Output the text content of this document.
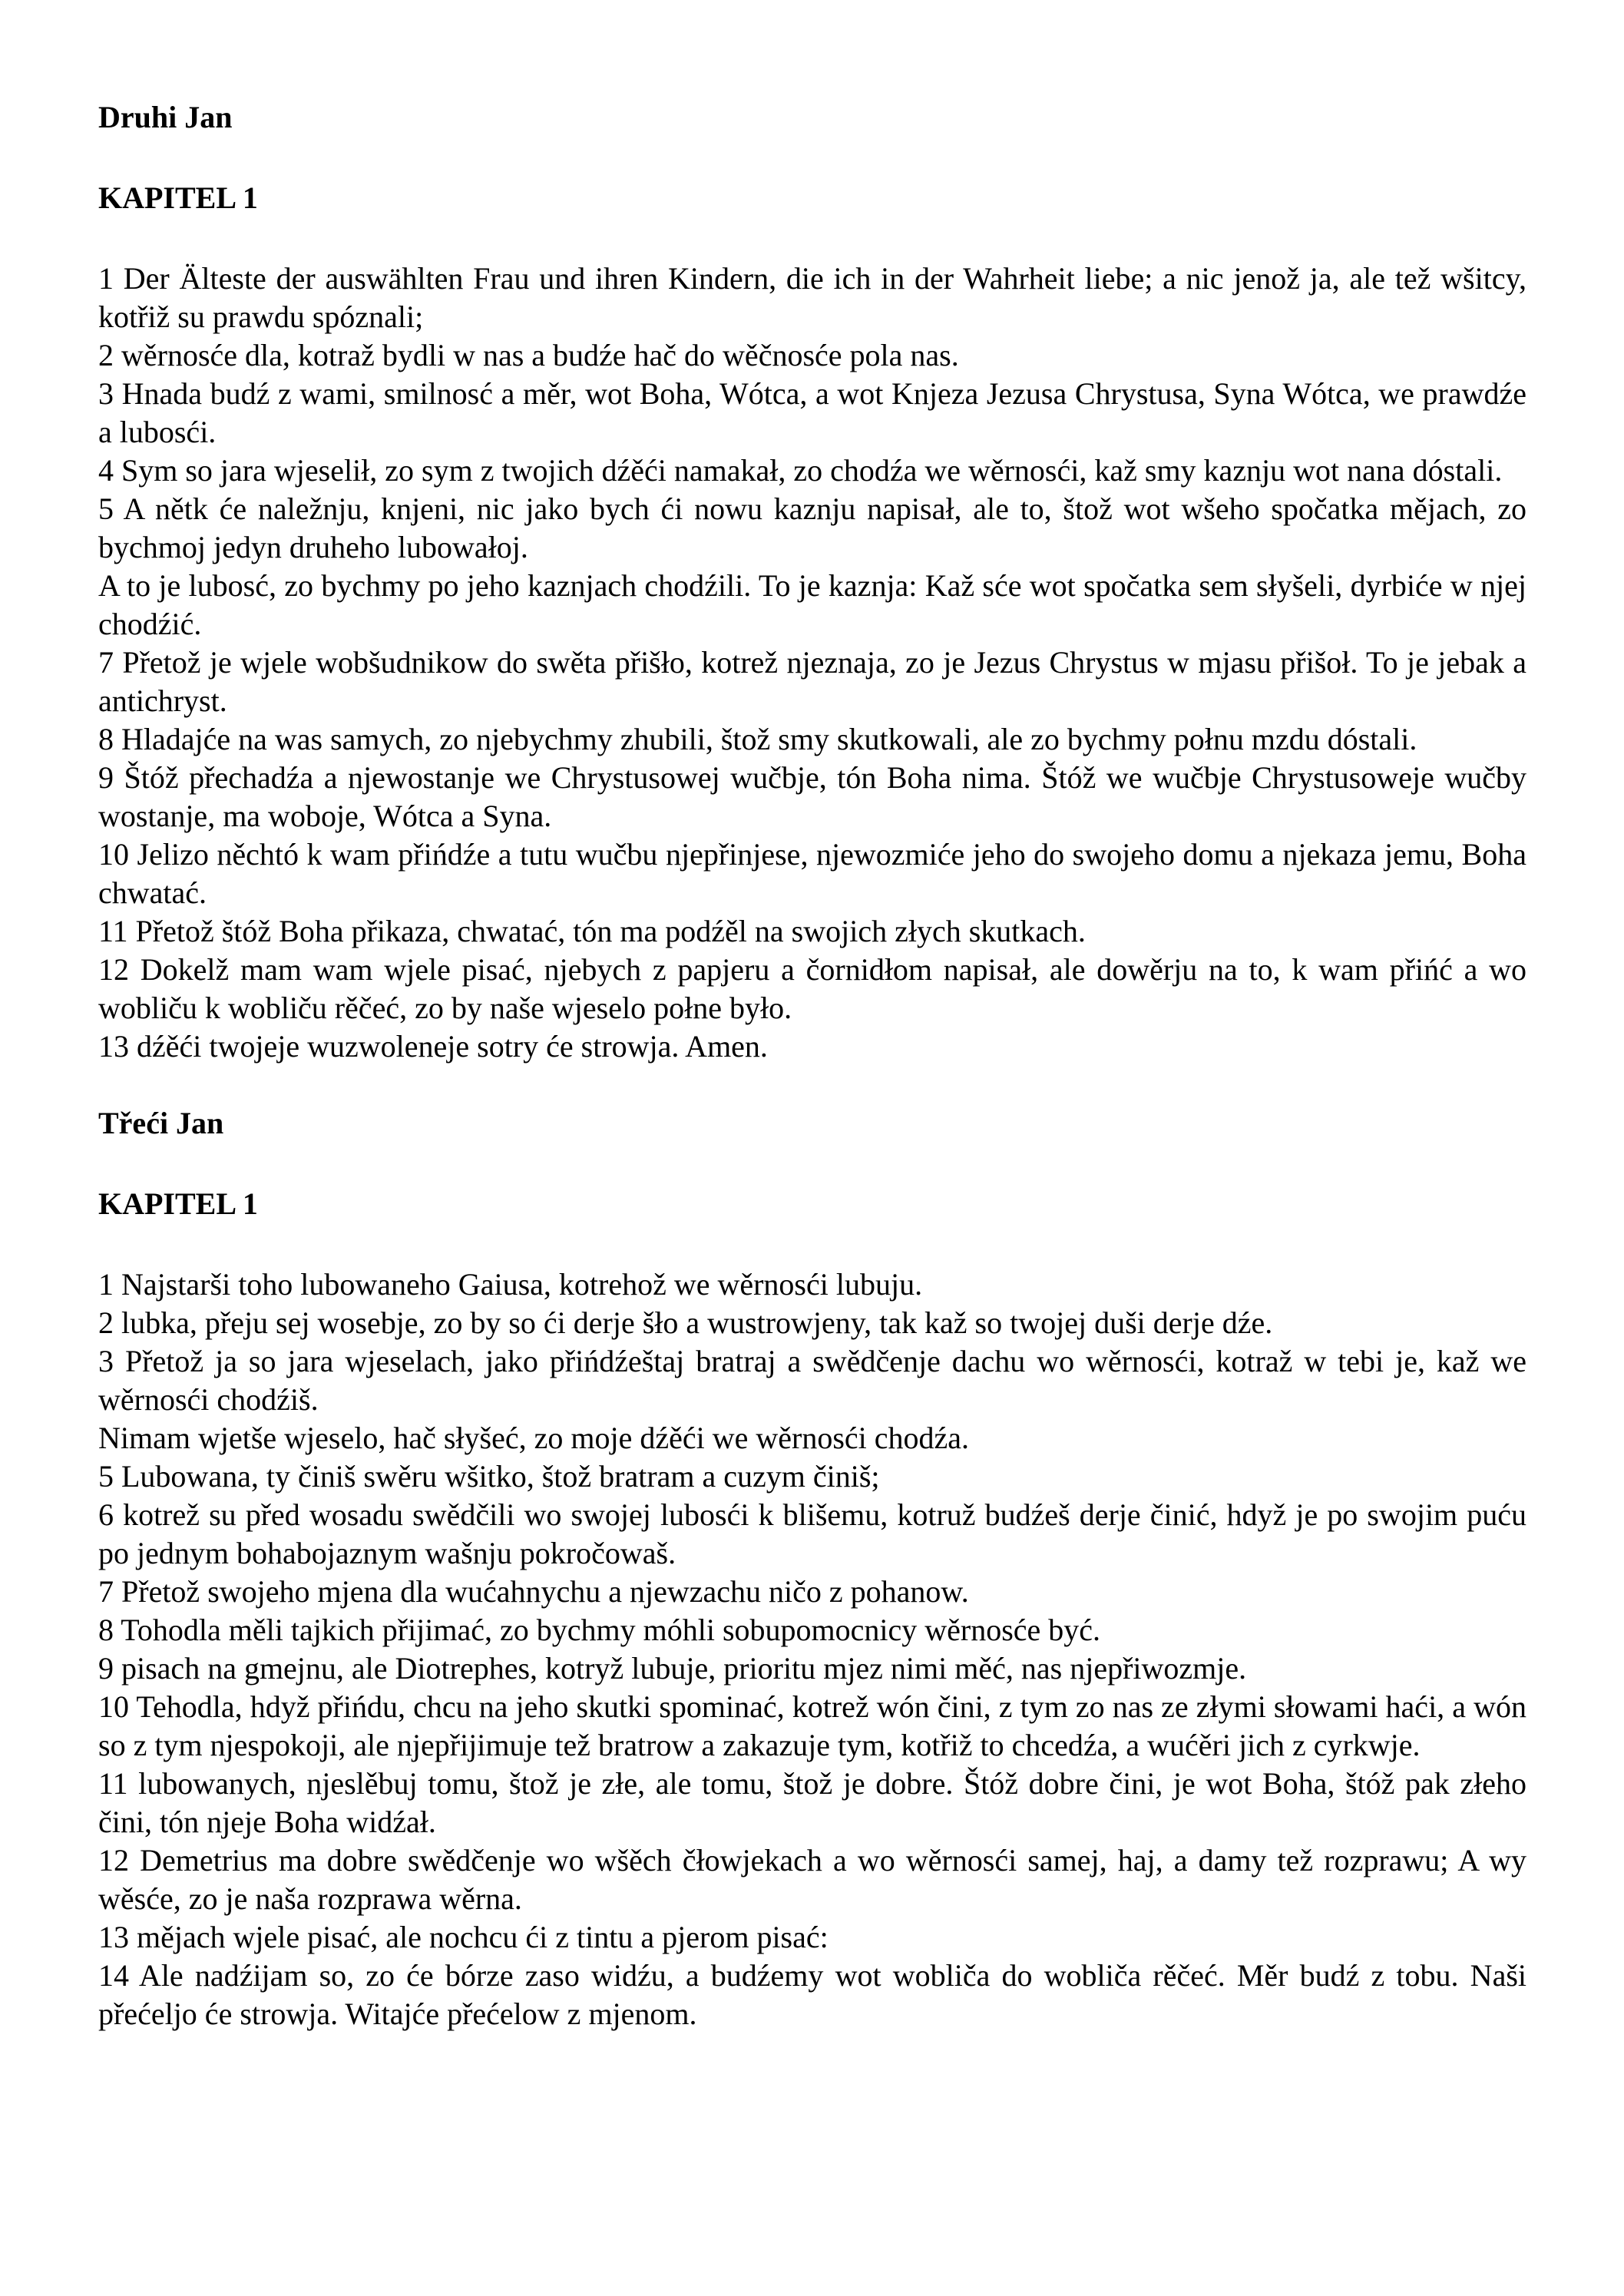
Druhi Jan
KAPITEL 1

1 Der Älteste der auswählten Frau und ihren Kindern, die ich in der Wahrheit liebe; a nic jenož ja, ale tež wšitcy, kotřiž su prawdu spóznali;

2 wěrnosće dla, kotraž bydli w nas a budźe hač do wěčnosće pola nas.

3 Hnada budź z wami, smilnosć a měr, wot Boha, Wótca, a wot Knjeza Jezusa Chrystusa, Syna Wótca, we prawdźe a lubosći.

4 Sym so jara wjeselił, zo sym z twojich dźěći namakał, zo chodźa we wěrnosći, kaž smy kaznju wot nana dóstali.

5 A nětk će naležnju, knjeni, nic jako bych ći nowu kaznju napisał, ale to, štož wot wšeho spočatka mějach, zo bychmoj jedyn druheho lubowałoj.

A to je lubosć, zo bychmy po jeho kaznjach chodźili. To je kaznja: Kaž sće wot spočatka sem słyšeli, dyrbiće w njej chodźić.

7 Přetož je wjele wobšudnikow do swěta přišło, kotrež njeznaja, zo je Jezus Chrystus w mjasu přišoł. To je jebak a antichryst.

8 Hladajće na was samych, zo njebychmy zhubili, štož smy skutkowali, ale zo bychmy połnu mzdu dóstali.

9 Štóž přechadźa a njewostanje we Chrystusowej wučbje, tón Boha nima. Štóž we wučbje Chrystusoweje wučby wostanje, ma woboje, Wótca a Syna.

10 Jelizo něchtó k wam přińdźe a tutu wučbu njepřinjese, njewozmiće jeho do swojeho domu a njekaza jemu, Boha chwatać.

11 Přetož štóž Boha přikaza, chwatać, tón ma podźěl na swojich złych skutkach.

12 Dokelž mam wam wjele pisać, njebych z papjeru a čornidłom napisał, ale dowěrju na to, k wam přińć a wo wobliču k wobliču rěčeć, zo by naše wjeselo połne było.

13 dźěći twojeje wuzwoleneje sotry će strowja. Amen.

Třeći Jan
KAPITEL 1

1 Najstarši toho lubowaneho Gaiusa, kotrehož we wěrnosći lubuju.

2 lubka, přeju sej wosebje, zo by so ći derje šło a wustrowjeny, tak kaž so twojej duši derje dźe.

3 Přetož ja so jara wjeselach, jako přińdźeštaj bratraj a swědčenje dachu wo wěrnosći, kotraž w tebi je, kaž we wěrnosći chodźiš.

Nimam wjetše wjeselo, hač słyšeć, zo moje dźěći we wěrnosći chodźa.

5 Lubowana, ty činiš swěru wšitko, štož bratram a cuzym činiš;

6 kotrež su před wosadu swědčili wo swojej lubosći k blišemu, kotruž budźeš derje činić, hdyž je po swojim puću po jednym bohabojaznym wašnju pokročowaš.

7 Přetož swojeho mjena dla wućahnychu a njewzachu ničo z pohanow.

8 Tohodla měli tajkich přijimać, zo bychmy móhli sobupomocnicy wěrnosće być.

9 pisach na gmejnu, ale Diotrephes, kotryž lubuje, prioritu mjez nimi měć, nas njepřiwozmje.

10 Tehodla, hdyž přińdu, chcu na jeho skutki spominać, kotrež wón čini, z tym zo nas ze złymi słowami haći, a wón so z tym njespokoji, ale njepřijimuje tež bratrow a zakazuje tym, kotřiž to chcedźa, a wućěri jich z cyrkwje.

11 lubowanych, njeslěbuj tomu, štož je złe, ale tomu, štož je dobre. Štóž dobre čini, je wot Boha, štóž pak złeho čini, tón njeje Boha widźał.

12 Demetrius ma dobre swědčenje wo wšěch čłowjekach a wo wěrnosći samej, haj, a damy tež rozprawu; A wy wěsće, zo je naša rozprawa wěrna.

13 mějach wjele pisać, ale nochcu ći z tintu a pjerom pisać:

14 Ale nadźijam so, zo će bórze zaso widźu, a budźemy wot wobliča do wobliča rěčeć. Měr budź z tobu. Naši přećeljo će strowja. Witajće přećelow z mjenom.
